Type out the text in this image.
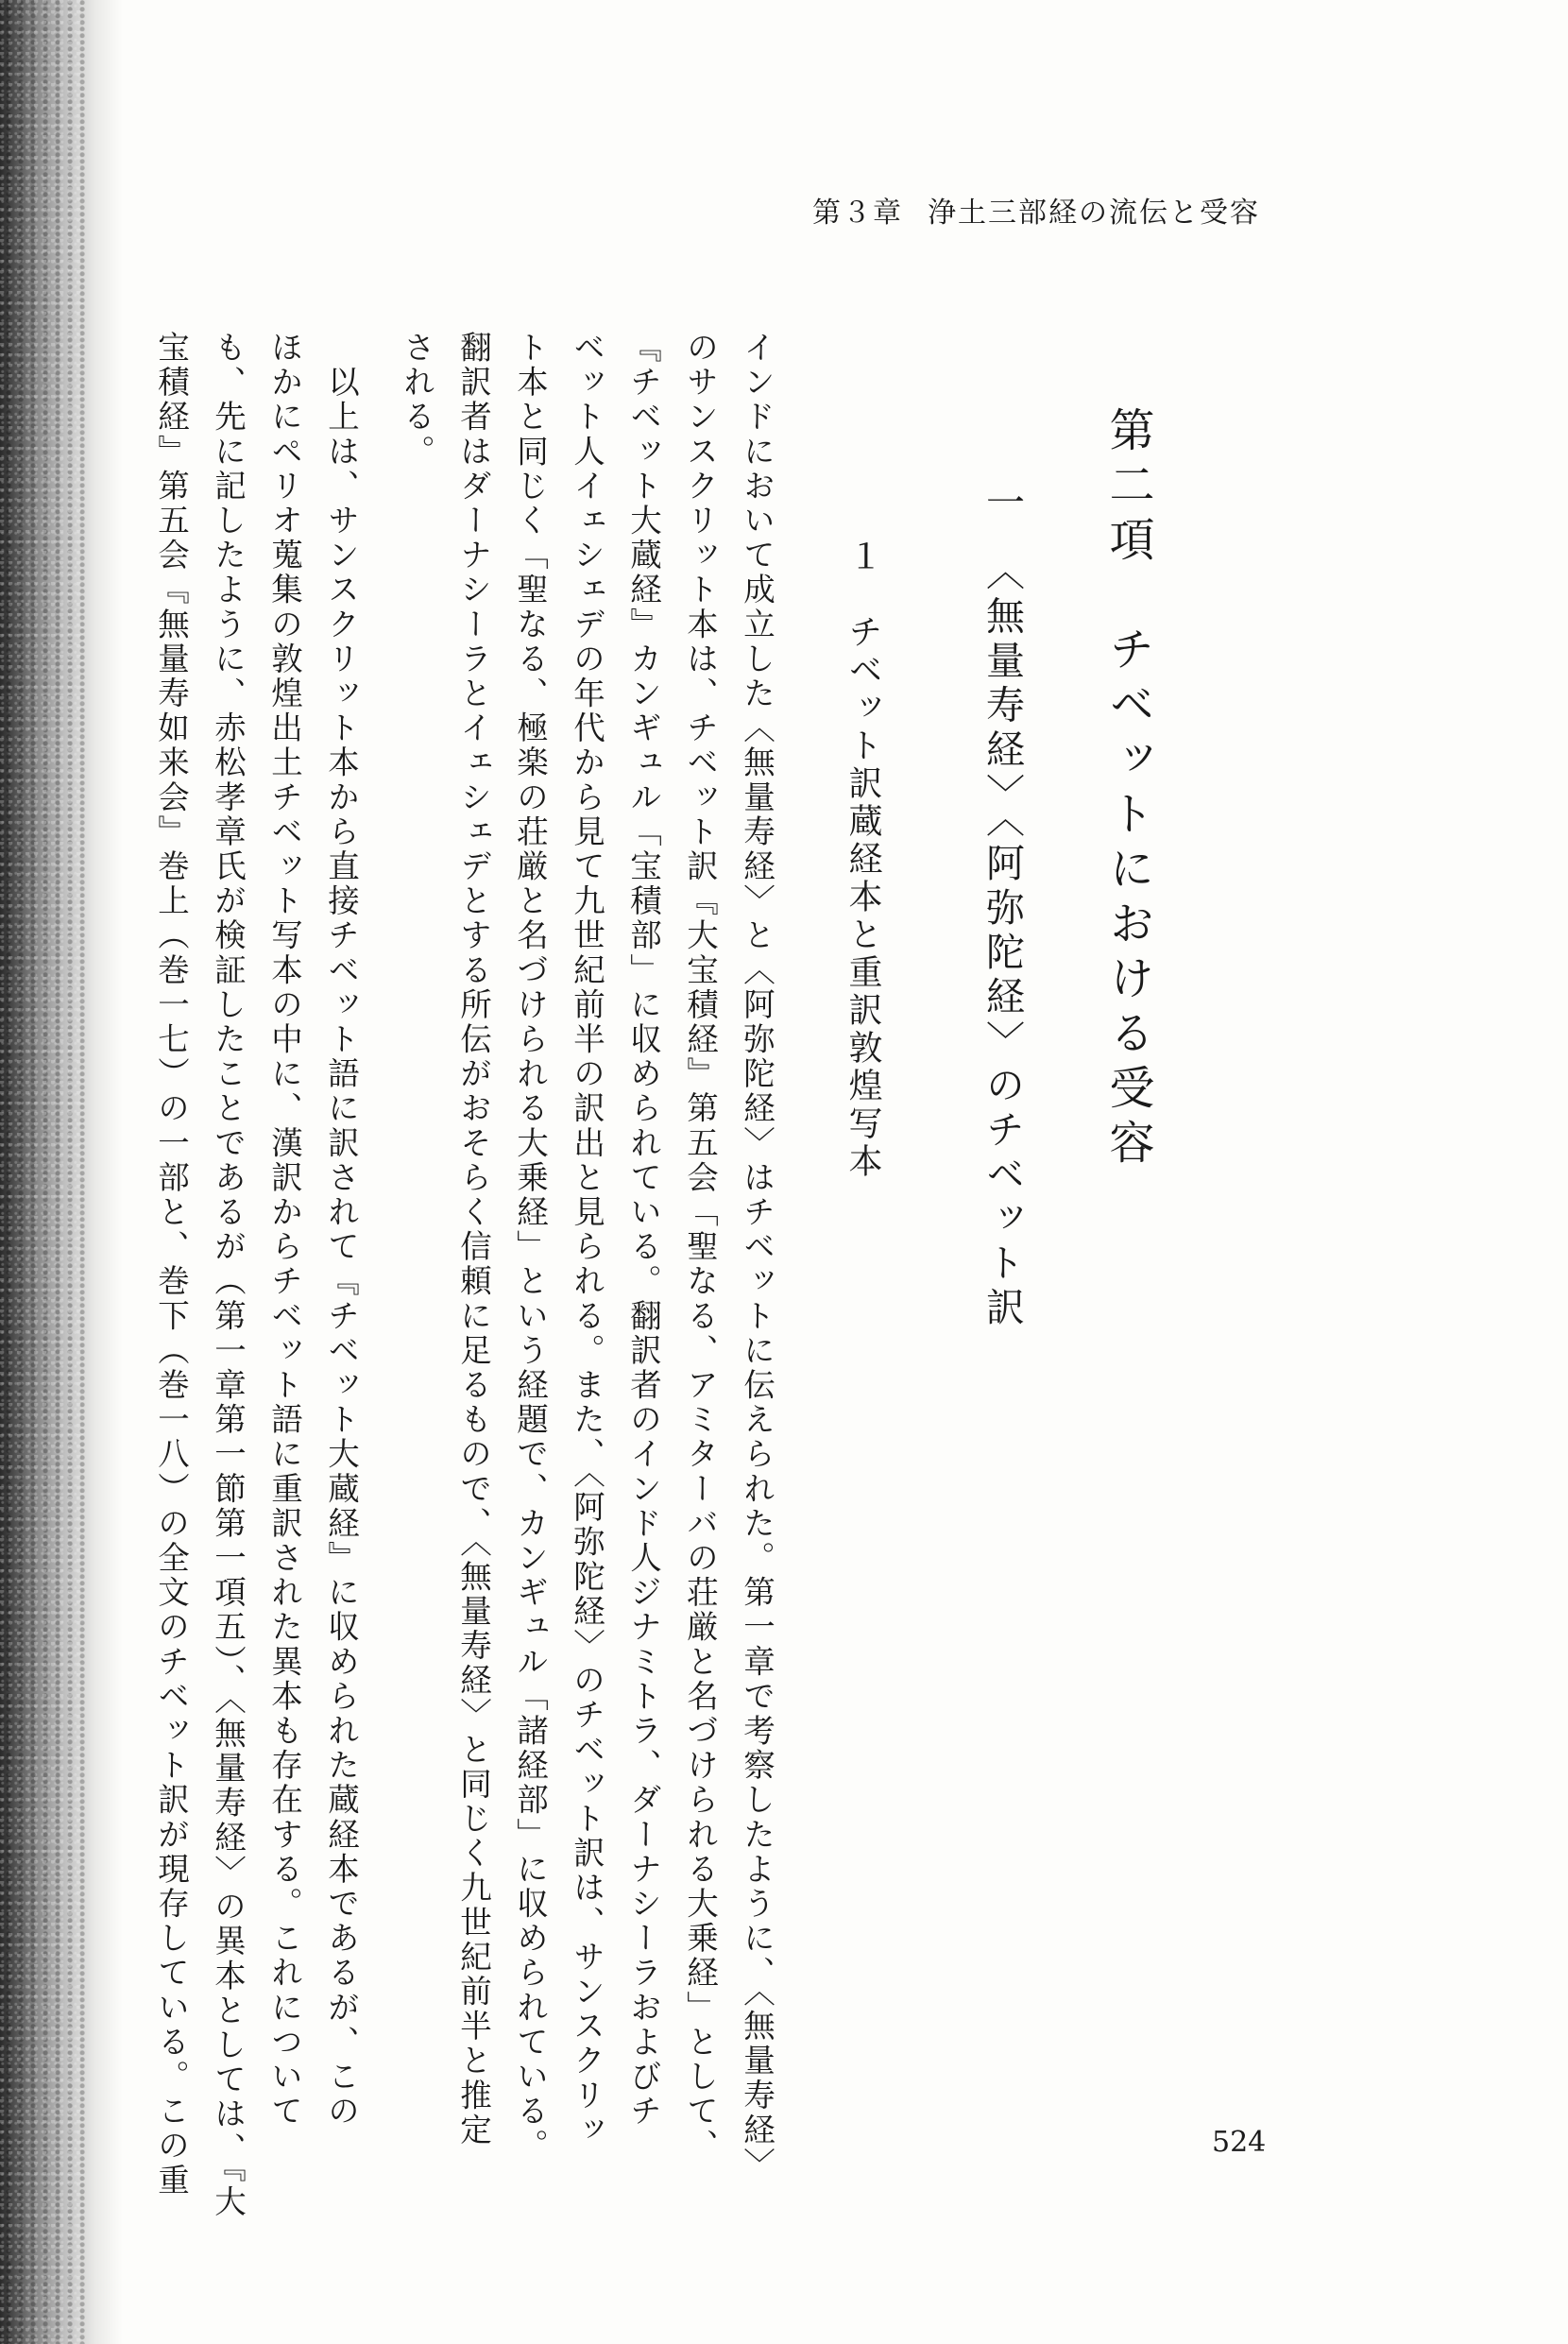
第３章 浄土三部経の流伝と受容
第二項　チベットにおける受容
一　〈無量寿経〉〈阿弥陀経〉のチベット訳
１　チベット訳蔵経本と重訳敦煌写本
インドにおいて成立した〈無量寿経〉と〈阿弥陀経〉はチベットに伝えられた。第一章で考察したように、〈無量寿経〉
のサンスクリット本は、チベット訳『大宝積経』第五会「聖なる、アミターバの荘厳と名づけられる大乗経」として、
『チベット大蔵経』カンギュル「宝積部」に収められている。翻訳者のインド人ジナミトラ、ダーナシーラおよびチ
ベット人イェシェデの年代から見て九世紀前半の訳出と見られる。また、〈阿弥陀経〉のチベット訳は、サンスクリッ
ト本と同じく「聖なる、極楽の荘厳と名づけられる大乗経」という経題で、カンギュル「諸経部」に収められている。
翻訳者はダーナシーラとイェシェデとする所伝がおそらく信頼に足るもので、〈無量寿経〉と同じく九世紀前半と推定
される。
　以上は、サンスクリット本から直接チベット語に訳されて『チベット大蔵経』に収められた蔵経本であるが、この
ほかにペリオ蒐集の敦煌出土チベット写本の中に、漢訳からチベット語に重訳された異本も存在する。これについて
も、先に記したように、赤松孝章氏が検証したことであるが（第一章第一節第一項五）、〈無量寿経〉の異本としては、『大
宝積経』第五会『無量寿如来会』巻上（巻一七）の一部と、巻下（巻一八）の全文のチベット訳が現存している。この重	524
